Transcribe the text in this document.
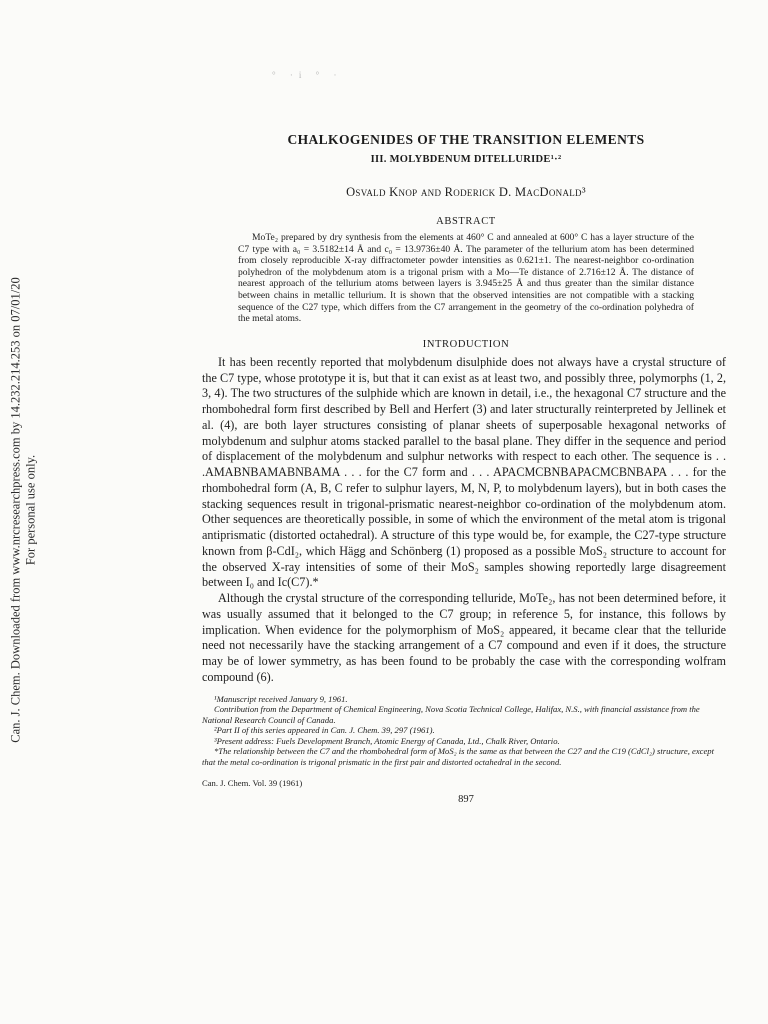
Can. J. Chem. Downloaded from www.nrcresearchpress.com by 14.232.214.253 on 07/01/20 For personal use only.
° ·i ° ·
CHALKOGENIDES OF THE TRANSITION ELEMENTS
III. MOLYBDENUM DITELLURIDE¹·²
Osvald Knop and Roderick D. MacDonald³
ABSTRACT

MoTe₂ prepared by dry synthesis from the elements at 460° C and annealed at 600° C has a layer structure of the C7 type with a₀ = 3.5182±14 Å and c₀ = 13.9736±40 Å. The parameter of the tellurium atom has been determined from closely reproducible X-ray diffractometer powder intensities as 0.621±1. The nearest-neighbor co-ordination polyhedron of the molybdenum atom is a trigonal prism with a Mo—Te distance of 2.716±12 Å. The distance of nearest approach of the tellurium atoms between layers is 3.945±25 Å and thus greater than the similar distance between chains in metallic tellurium. It is shown that the observed intensities are not compatible with a stacking sequence of the C27 type, which differs from the C7 arrangement in the geometry of the co-ordination polyhedra of the metal atoms.

INTRODUCTION

It has been recently reported that molybdenum disulphide does not always have a crystal structure of the C7 type, whose prototype it is, but that it can exist as at least two, and possibly three, polymorphs (1, 2, 3, 4). The two structures of the sulphide which are known in detail, i.e., the hexagonal C7 structure and the rhombohedral form first described by Bell and Herfert (3) and later structurally reinterpreted by Jellinek et al. (4), are both layer structures consisting of planar sheets of superposable hexagonal networks of molybdenum and sulphur atoms stacked parallel to the basal plane. They differ in the sequence and period of displacement of the molybdenum and sulphur networks with respect to each other. The sequence is . . .AMABNBAMABNBAMA . . . for the C7 form and . . . APACMCBNBAPACMCBNBAPA . . . for the rhombohedral form (A, B, C refer to sulphur layers, M, N, P, to molybdenum layers), but in both cases the stacking sequences result in trigonal-prismatic nearest-neighbor co-ordination of the molybdenum atom. Other sequences are theoretically possible, in some of which the environment of the metal atom is trigonal antiprismatic (distorted octahedral). A structure of this type would be, for example, the C27-type structure known from β-CdI₂, which Hägg and Schönberg (1) proposed as a possible MoS₂ structure to account for the observed X-ray intensities of some of their MoS₂ samples showing reportedly large disagreement between I₀ and Ic(C7).*

Although the crystal structure of the corresponding telluride, MoTe₂, has not been determined before, it was usually assumed that it belonged to the C7 group; in reference 5, for instance, this follows by implication. When evidence for the polymorphism of MoS₂ appeared, it became clear that the telluride need not necessarily have the stacking arrangement of a C7 compound and even if it does, the structure may be of lower symmetry, as has been found to be probably the case with the corresponding wolfram compound (6).

¹Manuscript received January 9, 1961.

Contribution from the Department of Chemical Engineering, Nova Scotia Technical College, Halifax, N.S., with financial assistance from the National Research Council of Canada.

²Part II of this series appeared in Can. J. Chem. 39, 297 (1961).

³Present address: Fuels Development Branch, Atomic Energy of Canada, Ltd., Chalk River, Ontario.

*The relationship between the C7 and the rhombohedral form of MoS₂ is the same as that between the C27 and the C19 (CdCl₂) structure, except that the metal co-ordination is trigonal prismatic in the first pair and distorted octahedral in the second.

Can. J. Chem. Vol. 39 (1961)
897
